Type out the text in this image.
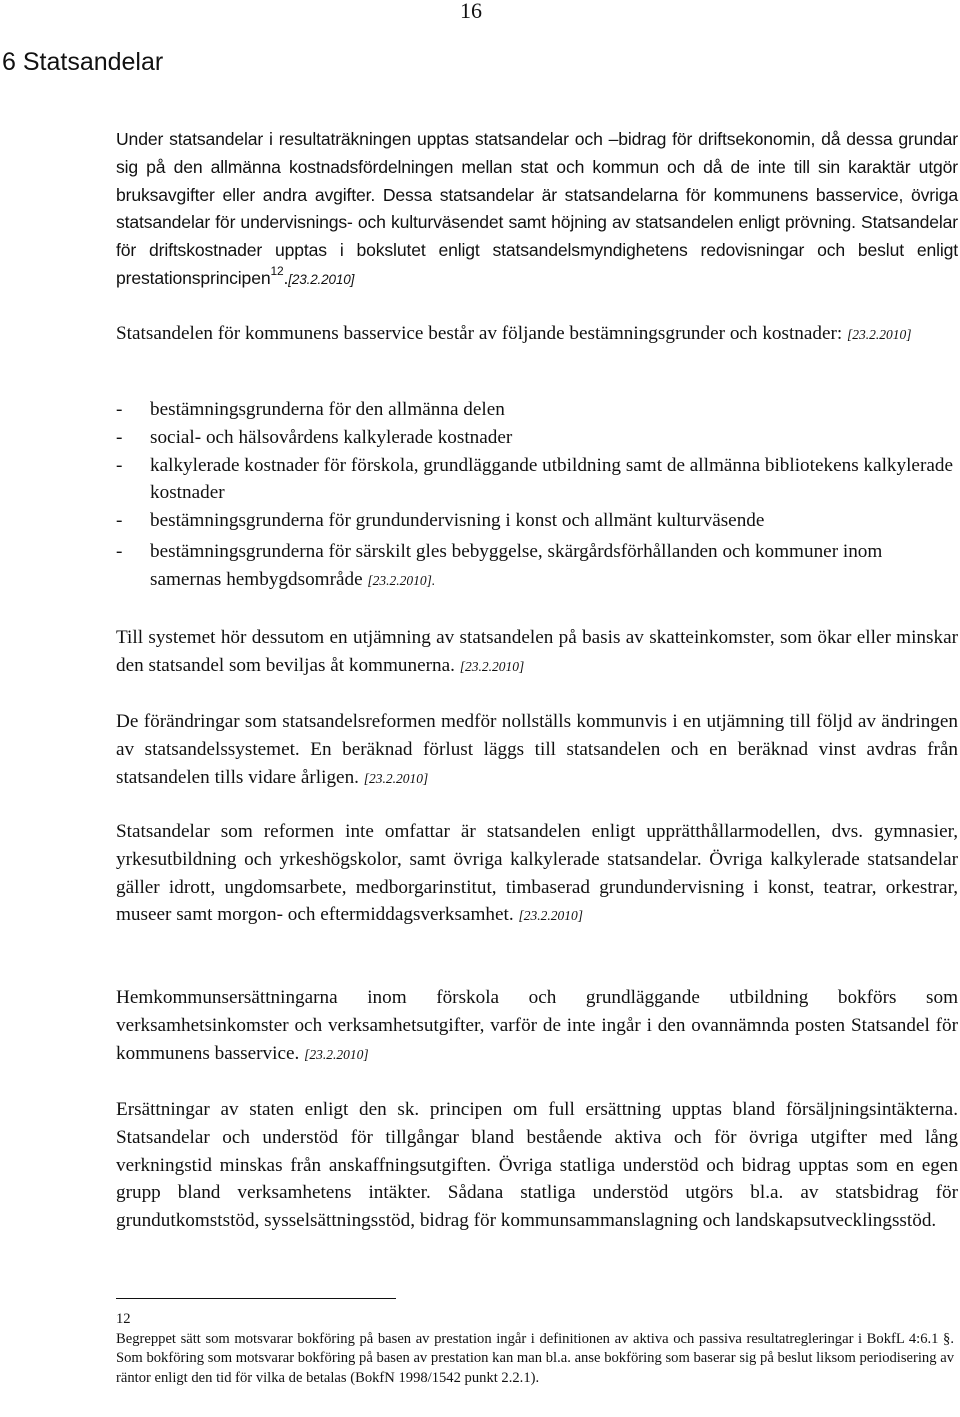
16
6 Statsandelar

Under statsandelar i resultaträkningen upptas statsandelar och –bidrag för driftsekonomin, då dessa grundar sig på den allmänna kostnadsfördelningen mellan stat och kommun och då de inte till sin karaktär utgör bruksavgifter eller andra avgifter. Dessa statsandelar är statsandelarna för kommunens basservice, övriga statsandelar för undervisnings- och kulturväsendet samt höjning av statsandelen enligt prövning. Statsandelar för driftskostnader upptas i bokslutet enligt statsandelsmyndighetens redovisningar och beslut enligt prestationsprincipen$^{12}$.[23.2.2010]

Statsandelen för kommunens basservice består av följande bestämningsgrunder och kostnader: [23.2.2010]

- bestämningsgrunderna för den allmänna delen
- social- och hälsovårdens kalkylerade kostnader
- kalkylerade kostnader för förskola, grundläggande utbildning samt de allmänna bibliotekens kalkylerade kostnader
- bestämningsgrunderna för grundundervisning i konst och allmänt kulturväsende
- bestämningsgrunderna för särskilt gles bebyggelse, skärgårdsförhållanden och kommuner inom samernas hembygdsområde [23.2.2010].

Till systemet hör dessutom en utjämning av statsandelen på basis av skatteinkomster, som ökar eller minskar den statsandel som beviljas åt kommunerna. [23.2.2010]

De förändringar som statsandelsreformen medför nollställs kommunvis i en utjämning till följd av ändringen av statsandelssystemet. En beräknad förlust läggs till statsandelen och en beräknad vinst avdras från statsandelen tills vidare årligen. [23.2.2010]

Statsandelar som reformen inte omfattar är statsandelen enligt upprätthållarmodellen, dvs. gymnasier, yrkesutbildning och yrkeshögskolor, samt övriga kalkylerade statsandelar. Övriga kalkylerade statsandelar gäller idrott, ungdomsarbete, medborgarinstitut, timbaserad grundundervisning i konst, teatrar, orkestrar, museer samt morgon- och eftermiddagsverksamhet. [23.2.2010]

Hemkommunsersättningarna inom förskola och grundläggande utbildning bokförs som verksamhetsinkomster och verksamhetsutgifter, varför de inte ingår i den ovannämnda posten Statsandel för kommunens basservice. [23.2.2010]

Ersättningar av staten enligt den sk. principen om full ersättning upptas bland försäljningsintäkterna. Statsandelar och understöd för tillgångar bland bestående aktiva och för övriga utgifter med lång verkningstid minskas från anskaffningsutgiften. Övriga statliga understöd och bidrag upptas som en egen grupp bland verksamhetens intäkter. Sådana statliga understöd utgörs bl.a. av statsbidrag för grundutkomststöd, sysselsättningsstöd, bidrag för kommunsammanslagning och landskapsutvecklingsstöd.

12

Begreppet sätt som motsvarar bokföring på basen av prestation ingår i definitionen av aktiva och passiva resultatregleringar i BokfL 4:6.1 §. Som bokföring som motsvarar bokföring på basen av prestation kan man bl.a. anse bokföring som baserar sig på beslut liksom periodisering av räntor enligt den tid för vilka de betalas (BokfN 1998/1542 punkt 2.2.1).
